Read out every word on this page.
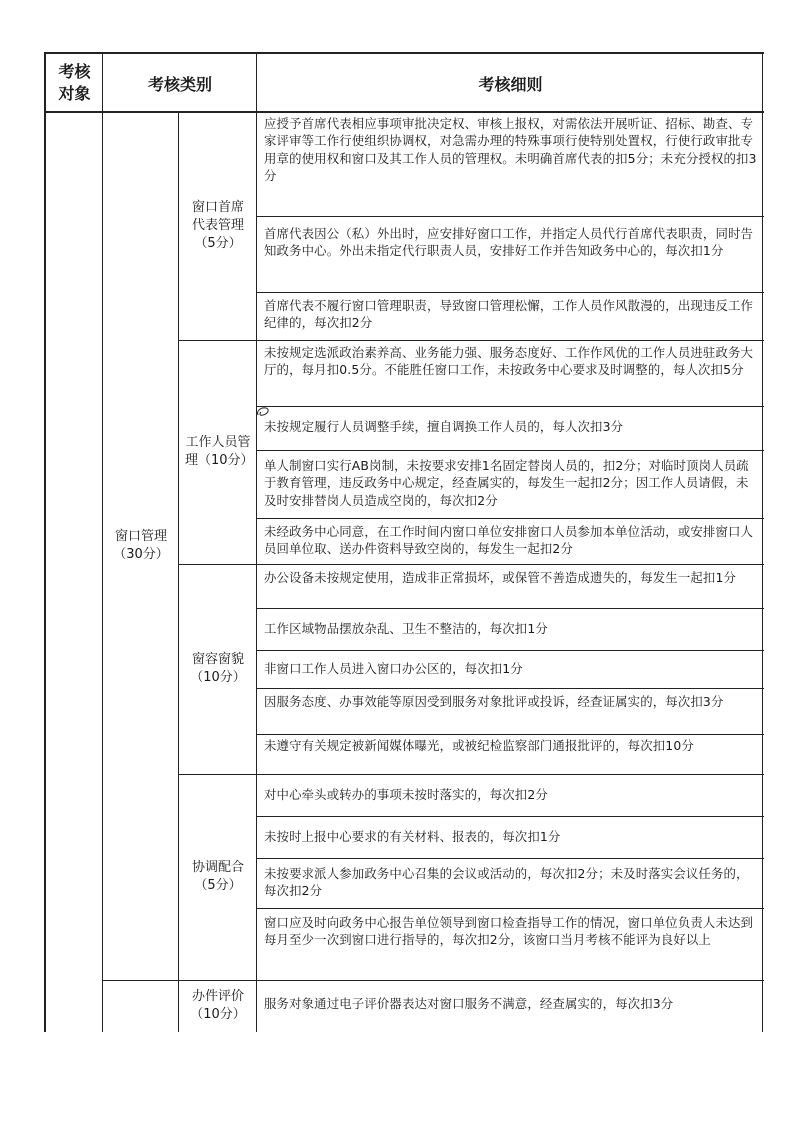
考核对象	考核类别	考核细则
窗口管理
（30分）
窗口首席代表管理
（5分）
工作人员管理（10分）
窗容窗貌
（10分）
协调配合
（5分）
办件评价
（10分）
应授予首席代表相应事项审批决定权、审核上报权，对需依法开展听证、招标、勘查、专家评审等工作行使组织协调权，对急需办理的特殊事项行使特别处置权，行使行政审批专用章的使用权和窗口及其工作人员的管理权。未明确首席代表的扣5分；未充分授权的扣3分
首席代表因公（私）外出时，应安排好窗口工作，并指定人员代行首席代表职责，同时告知政务中心。外出未指定代行职责人员，安排好工作并告知政务中心的，每次扣1分
首席代表不履行窗口管理职责，导致窗口管理松懈，工作人员作风散漫的，出现违反工作纪律的，每次扣2分
未按规定选派政治素养高、业务能力强、服务态度好、工作作风优的工作人员进驻政务大厅的，每月扣0.5分。不能胜任窗口工作，未按政务中心要求及时调整的，每人次扣5分
未按规定履行人员调整手续，擅自调换工作人员的，每人次扣3分
单人制窗口实行AB岗制，未按要求安排1名固定替岗人员的，扣2分；对临时顶岗人员疏于教育管理，违反政务中心规定，经查属实的，每发生一起扣2分；因工作人员请假，未及时安排替岗人员造成空岗的，每次扣2分
未经政务中心同意，在工作时间内窗口单位安排窗口人员参加本单位活动，或安排窗口人员回单位取、送办件资料导致空岗的，每发生一起扣2分
办公设备未按规定使用，造成非正常损坏，或保管不善造成遗失的，每发生一起扣1分
工作区域物品摆放杂乱、卫生不整洁的，每次扣1分
非窗口工作人员进入窗口办公区的，每次扣1分
因服务态度、办事效能等原因受到服务对象批评或投诉，经查证属实的，每次扣3分
未遵守有关规定被新闻媒体曝光，或被纪检监察部门通报批评的，每次扣10分
对中心牵头或转办的事项未按时落实的，每次扣2分
未按时上报中心要求的有关材料、报表的，每次扣1分
未按要求派人参加政务中心召集的会议或活动的，每次扣2分；未及时落实会议任务的，每次扣2分
窗口应及时向政务中心报告单位领导到窗口检查指导工作的情况，窗口单位负责人未达到每月至少一次到窗口进行指导的，每次扣2分，该窗口当月考核不能评为良好以上
服务对象通过电子评价器表达对窗口服务不满意，经查属实的，每次扣3分
